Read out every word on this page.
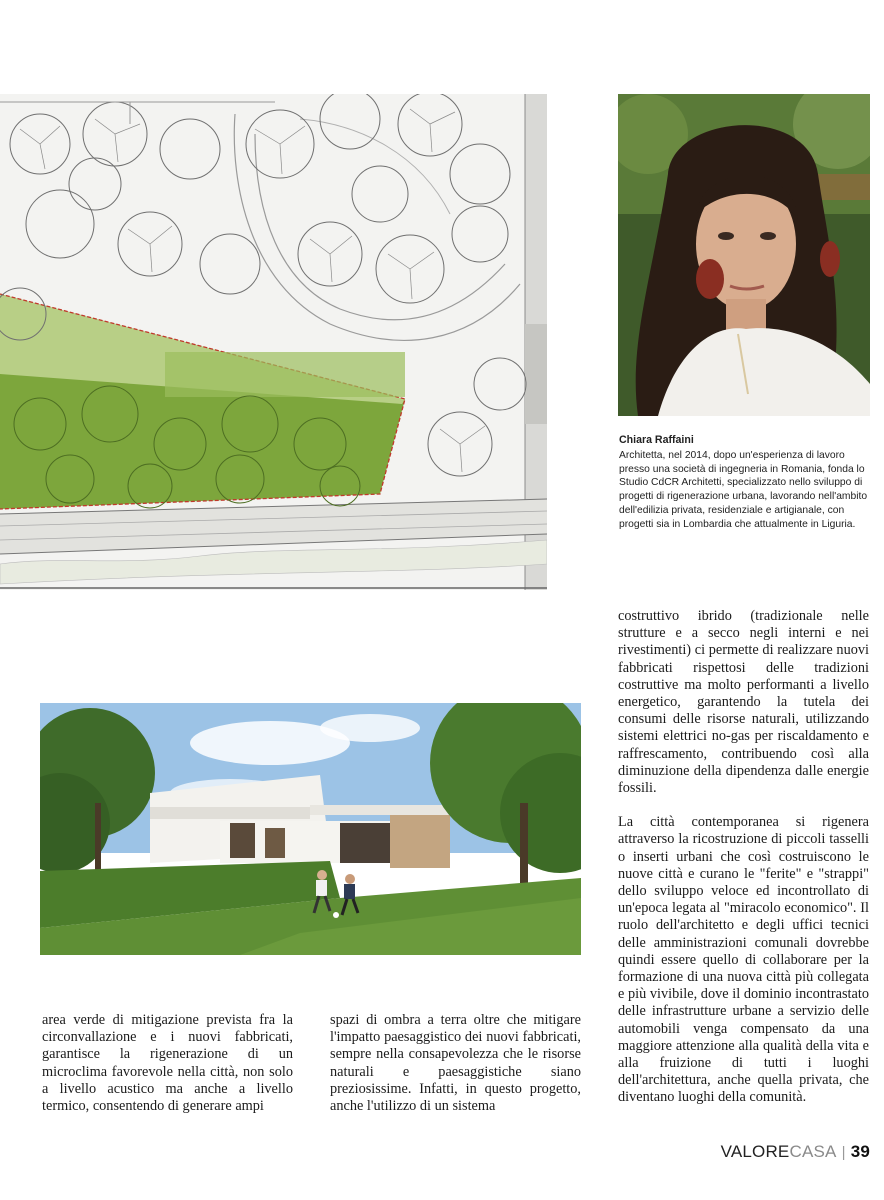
Chiara Raffaini

Architetta, nel 2014, dopo un'esperienza di lavoro presso una società di ingegneria in Romania, fonda lo Studio CdCR Architetti, specializzato nello sviluppo di progetti di rigenerazione urbana, lavorando nell'ambito dell'edilizia privata, residenziale e artigianale, con progetti sia in Lombardia che attualmente in Liguria.

area verde di mitigazione prevista fra la circonvallazione e i nuovi fabbricati, garantisce la rigenerazione di un microclima favorevole nella città, non solo a livello acustico ma anche a livello termico, consentendo di generare ampi

spazi di ombra a terra oltre che mitigare l'impatto paesaggistico dei nuovi fabbricati, sempre nella consapevolezza che le risorse naturali e paesaggistiche siano preziosissime. Infatti, in questo progetto, anche l'utilizzo di un sistema

costruttivo ibrido (tradizionale nelle strutture e a secco negli interni e nei rivestimenti) ci permette di realizzare nuovi fabbricati rispettosi delle tradizioni costruttive ma molto performanti a livello energetico, garantendo la tutela dei consumi delle risorse naturali, utilizzando sistemi elettrici no-gas per riscaldamento e raffrescamento, contribuendo così alla diminuzione della dipendenza dalle energie fossili.

La città contemporanea si rigenera attraverso la ricostruzione di piccoli tasselli o inserti urbani che così costruiscono le nuove città e curano le "ferite" e "strappi" dello sviluppo veloce ed incontrollato di un'epoca legata al "miracolo economico". Il ruolo dell'architetto e degli uffici tecnici delle amministrazioni comunali dovrebbe quindi essere quello di collaborare per la formazione di una nuova città più collegata e più vivibile, dove il dominio incontrastato delle infrastrutture urbane a servizio delle automobili venga compensato da una maggiore attenzione alla qualità della vita e alla fruizione di tutti i luoghi dell'architettura, anche quella privata, che diventano luoghi della comunità.

VALORECASA | 39
